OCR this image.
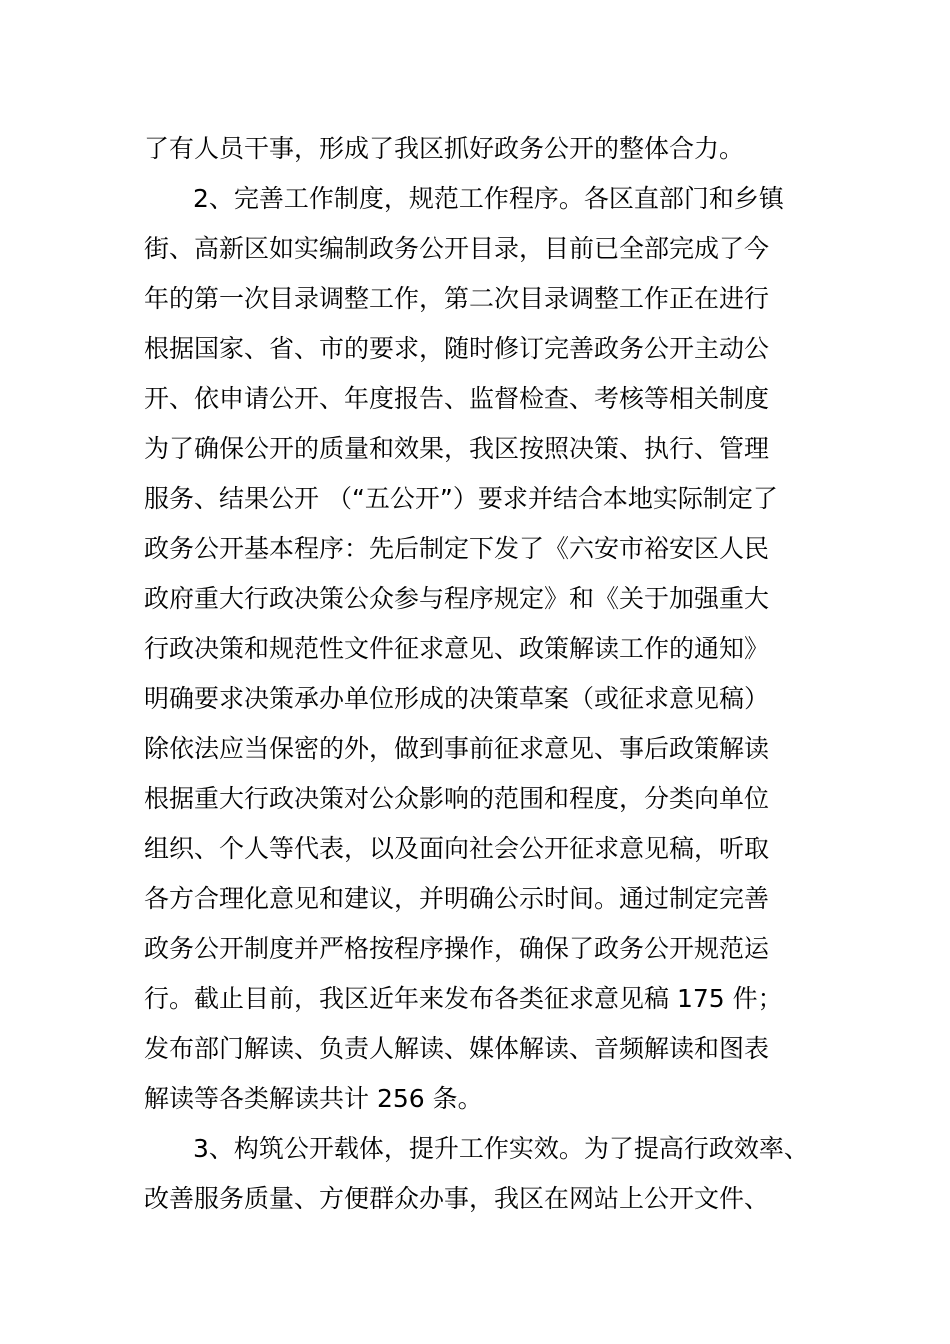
了有人员干事，形成了我区抓好政务公开的整体合力。
2、完善工作制度，规范工作程序。各区直部门和乡镇
街、高新区如实编制政务公开目录，目前已全部完成了今
年的第一次目录调整工作，第二次目录调整工作正在进行
根据国家、省、市的要求，随时修订完善政务公开主动公
开、依申请公开、年度报告、监督检查、考核等相关制度
为了确保公开的质量和效果，我区按照决策、执行、管理
服务、结果公开 （“五公开”）要求并结合本地实际制定了
政务公开基本程序：先后制定下发了《六安市裕安区人民
政府重大行政决策公众参与程序规定》和《关于加强重大
行政决策和规范性文件征求意见、政策解读工作的通知》
明确要求决策承办单位形成的决策草案（或征求意见稿）
除依法应当保密的外，做到事前征求意见、事后政策解读
根据重大行政决策对公众影响的范围和程度，分类向单位
组织、个人等代表，以及面向社会公开征求意见稿，听取
各方合理化意见和建议，并明确公示时间。通过制定完善
政务公开制度并严格按程序操作，确保了政务公开规范运
行。截止目前，我区近年来发布各类征求意见稿 175 件；
发布部门解读、负责人解读、媒体解读、音频解读和图表
解读等各类解读共计 256 条。
3、构筑公开载体，提升工作实效。为了提高行政效率、
改善服务质量、方便群众办事，我区在网站上公开文件、
